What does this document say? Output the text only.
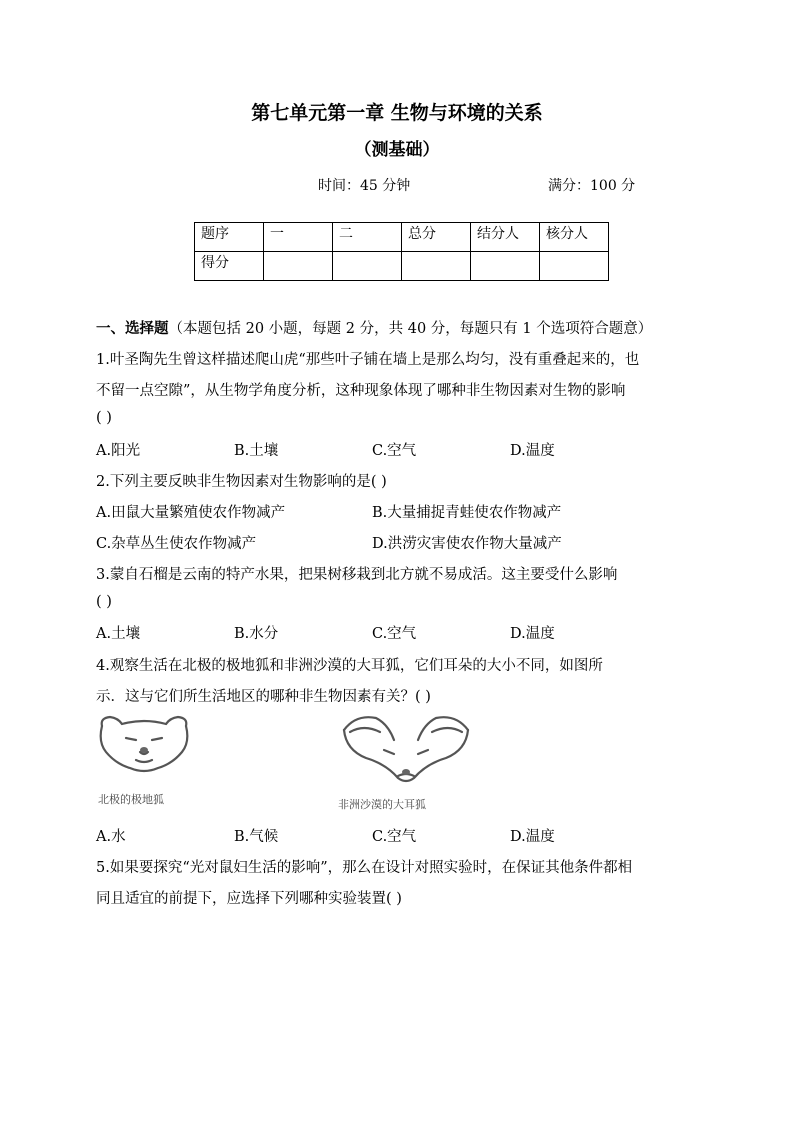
第七单元第一章 生物与环境的关系
（测基础）
时间：45 分钟	满分：100 分
题序	一	二	总分	结分人	核分人
得分					
一、选择题（本题包括 20 小题，每题 2 分，共 40 分，每题只有 1 个选项符合题意）
1.叶圣陶先生曾这样描述爬山虎“那些叶子铺在墙上是那么均匀，没有重叠起来的，也
不留一点空隙”，从生物学角度分析，这种现象体现了哪种非生物因素对生物的影响
( )
A.阳光	B.土壤	C.空气	D.温度
2.下列主要反映非生物因素对生物影响的是( )
A.田鼠大量繁殖使农作物减产	B.大量捕捉青蛙使农作物减产
C.杂草丛生使农作物减产	D.洪涝灾害使农作物大量减产
3.蒙自石榴是云南的特产水果，把果树移栽到北方就不易成活。这主要受什么影响
( )
A.土壤	B.水分	C.空气	D.温度
4.观察生活在北极的极地狐和非洲沙漠的大耳狐，它们耳朵的大小不同，如图所
示．这与它们所生活地区的哪种非生物因素有关？( )
北极的极地狐	非洲沙漠的大耳狐
A.水	B.气候	C.空气	D.温度
5.如果要探究“光对鼠妇生活的影响”，那么在设计对照实验时，在保证其他条件都相
同且适宜的前提下，应选择下列哪种实验装置( )
